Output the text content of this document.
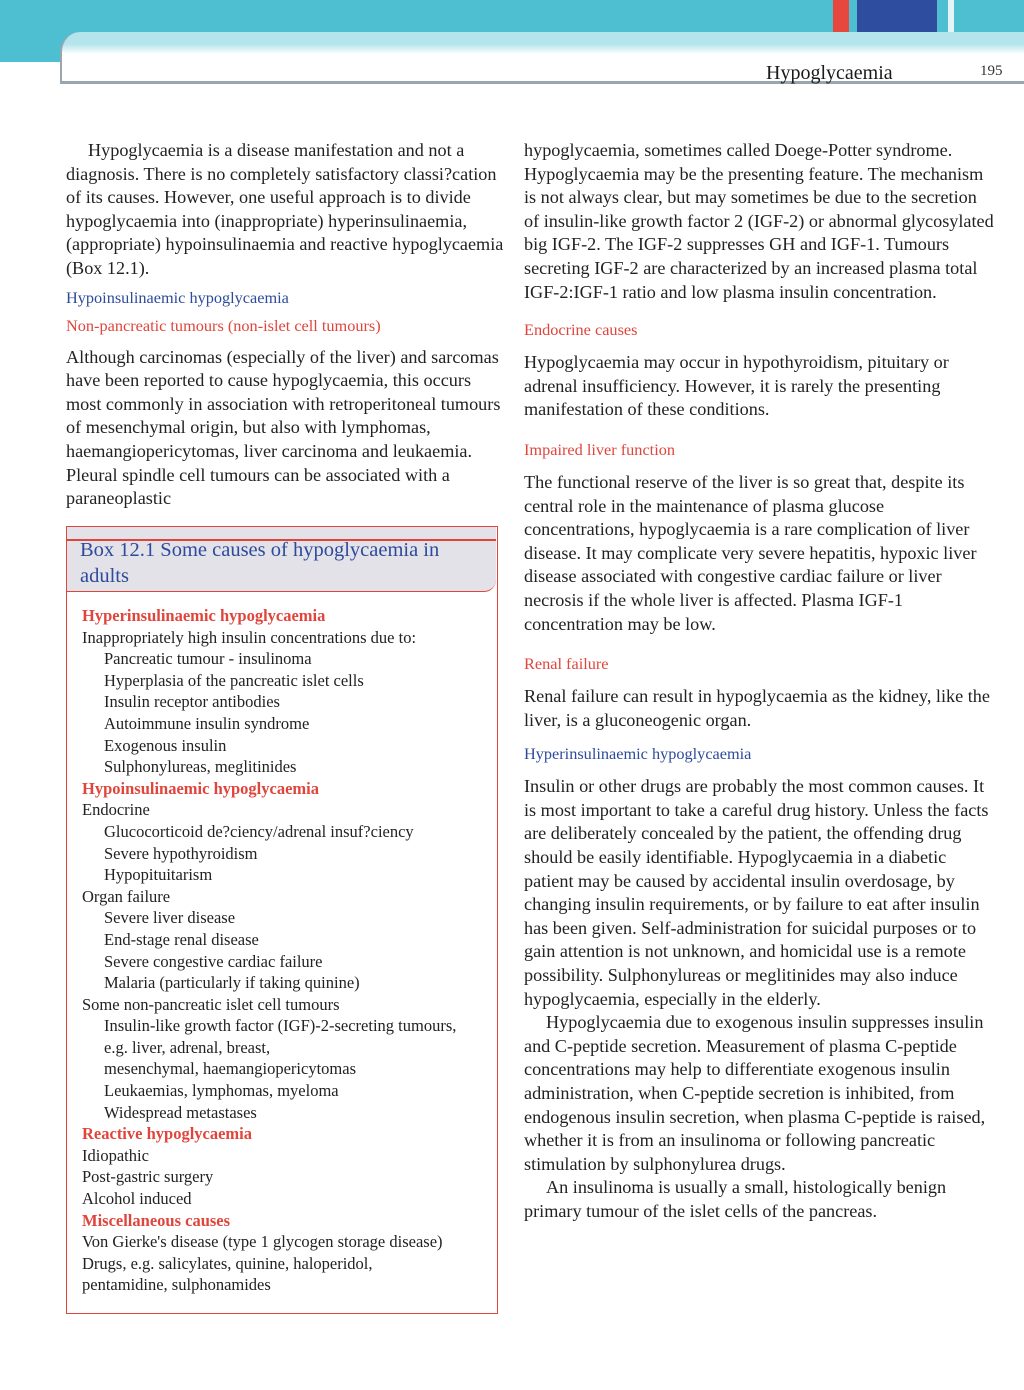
Hypoglycaemia	195

Hypoglycaemia is a disease manifestation and not a diagnosis. There is no completely satisfactory classi?cation of its causes. However, one useful approach is to divide hypoglycaemia into (inappropriate) hyperinsulinaemia, (appropriate) hypoinsulinaemia and reactive hypoglycaemia (Box 12.1).

Hypoinsulinaemic hypoglycaemia

Non-pancreatic tumours (non-islet cell tumours)

Although carcinomas (especially of the liver) and sarcomas have been reported to cause hypoglycaemia, this occurs most commonly in association with retroperitoneal tumours of mesenchymal origin, but also with lymphomas, haemangiopericytomas, liver carcinoma and leukaemia. Pleural spindle cell tumours can be associated with a paraneoplastic

Box 12.1 Some causes of hypoglycaemia in adults
Hyperinsulinaemic hypoglycaemia
Inappropriately high insulin concentrations due to:
Pancreatic tumour - insulinoma
Hyperplasia of the pancreatic islet cells
Insulin receptor antibodies
Autoimmune insulin syndrome
Exogenous insulin
Sulphonylureas, meglitinides
Hypoinsulinaemic hypoglycaemia
Endocrine
Glucocorticoid de?ciency/adrenal insuf?ciency
Severe hypothyroidism
Hypopituitarism
Organ failure
Severe liver disease
End-stage renal disease
Severe congestive cardiac failure
Malaria (particularly if taking quinine)
Some non-pancreatic islet cell tumours
Insulin-like growth factor (IGF)-2-secreting tumours,
e.g. liver, adrenal, breast,
mesenchymal, haemangiopericytomas
Leukaemias, lymphomas, myeloma
Widespread metastases
Reactive hypoglycaemia
Idiopathic
Post-gastric surgery
Alcohol induced
Miscellaneous causes
Von Gierke's disease (type 1 glycogen storage disease)
Drugs, e.g. salicylates, quinine, haloperidol,
pentamidine, sulphonamides

hypoglycaemia, sometimes called Doege-Potter syndrome. Hypoglycaemia may be the presenting feature. The mechanism is not always clear, but may sometimes be due to the secretion of insulin-like growth factor 2 (IGF-2) or abnormal glycosylated big IGF-2. The IGF-2 suppresses GH and IGF-1. Tumours secreting IGF-2 are characterized by an increased plasma total IGF-2:IGF-1 ratio and low plasma insulin concentration.

Endocrine causes

Hypoglycaemia may occur in hypothyroidism, pituitary or adrenal insufficiency. However, it is rarely the presenting manifestation of these conditions.

Impaired liver function

The functional reserve of the liver is so great that, despite its central role in the maintenance of plasma glucose concentrations, hypoglycaemia is a rare complication of liver disease. It may complicate very severe hepatitis, hypoxic liver disease associated with congestive cardiac failure or liver necrosis if the whole liver is affected. Plasma IGF-1 concentration may be low.

Renal failure

Renal failure can result in hypoglycaemia as the kidney, like the liver, is a gluconeogenic organ.

Hyperinsulinaemic hypoglycaemia

Insulin or other drugs are probably the most common causes. It is most important to take a careful drug history. Unless the facts are deliberately concealed by the patient, the offending drug should be easily identifiable. Hypoglycaemia in a diabetic patient may be caused by accidental insulin overdosage, by changing insulin requirements, or by failure to eat after insulin has been given. Self-administration for suicidal purposes or to gain attention is not unknown, and homicidal use is a remote possibility. Sulphonylureas or meglitinides may also induce hypoglycaemia, especially in the elderly.

Hypoglycaemia due to exogenous insulin suppresses insulin and C-peptide secretion. Measurement of plasma C-peptide concentrations may help to differentiate exogenous insulin administration, when C-peptide secretion is inhibited, from endogenous insulin secretion, when plasma C-peptide is raised, whether it is from an insulinoma or following pancreatic stimulation by sulphonylurea drugs.

An insulinoma is usually a small, histologically benign primary tumour of the islet cells of the pancreas.
